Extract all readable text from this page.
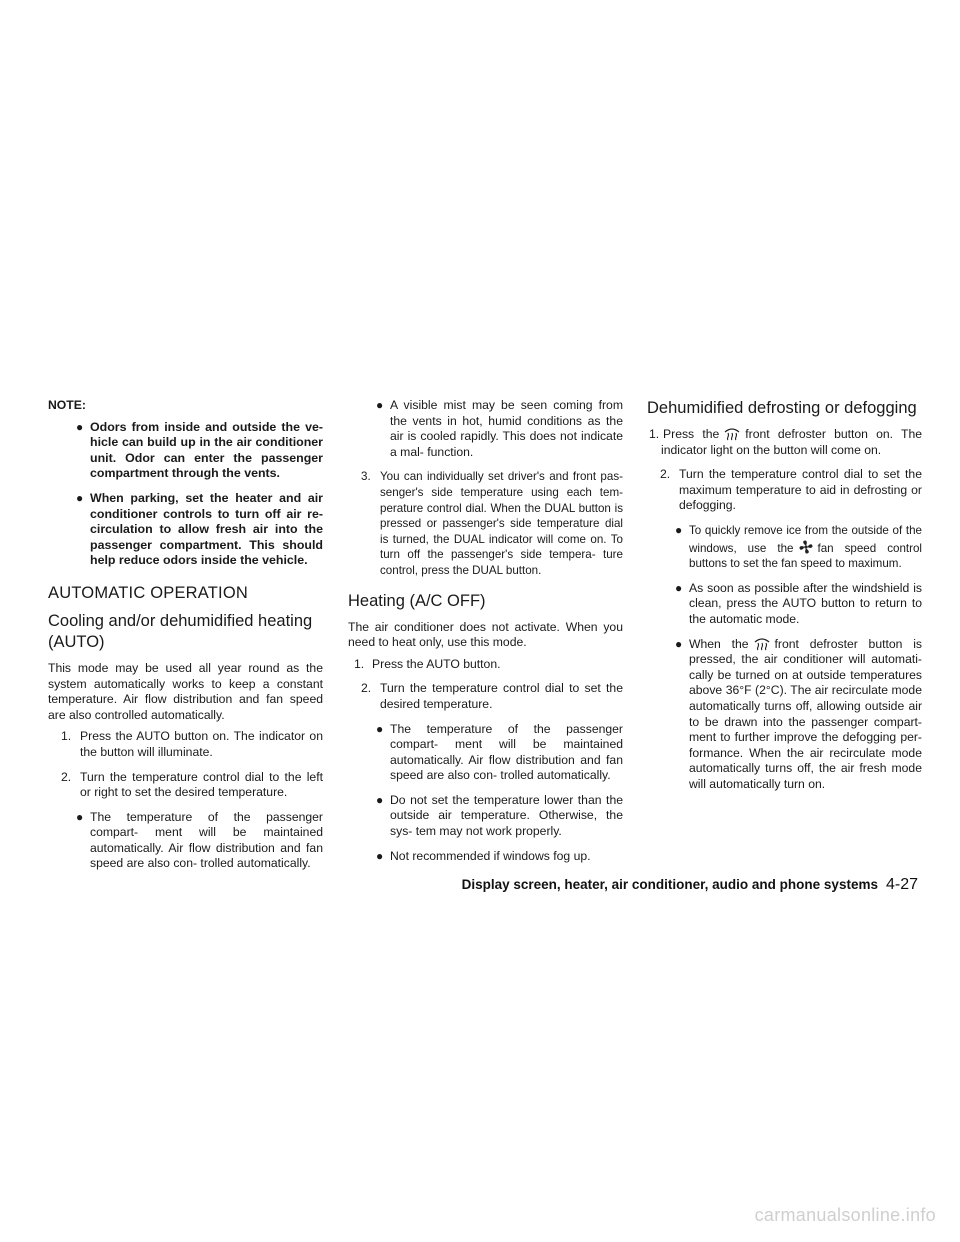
NOTE:
● Odors from inside and outside the ve- hicle can build up in the air conditioner unit. Odor can enter the passenger compartment through the vents.
● When parking, set the heater and air conditioner controls to turn off air re- circulation to allow fresh air into the passenger compartment. This should help reduce odors inside the vehicle.
AUTOMATIC OPERATION
Cooling and/or dehumidified heating (AUTO)
This mode may be used all year round as the system automatically works to keep a constant temperature. Air flow distribution and fan speed are also controlled automatically.
1. Press the AUTO button on. The indicator on the button will illuminate.
2. Turn the temperature control dial to the left or right to set the desired temperature.
● The temperature of the passenger compart- ment will be maintained automatically. Air flow distribution and fan speed are also con- trolled automatically.
● A visible mist may be seen coming from the vents in hot, humid conditions as the air is cooled rapidly. This does not indicate a mal- function.
3. You can individually set driver's and front pas- senger's side temperature using each tem- perature control dial. When the DUAL button is pressed or passenger's side temperature dial is turned, the DUAL indicator will come on. To turn off the passenger's side tempera- ture control, press the DUAL button.
Heating (A/C OFF)
The air conditioner does not activate. When you need to heat only, use this mode.
1. Press the AUTO button.
2. Turn the temperature control dial to set the desired temperature.
● The temperature of the passenger compart- ment will be maintained automatically. Air flow distribution and fan speed are also con- trolled automatically.
● Do not set the temperature lower than the outside air temperature. Otherwise, the sys- tem may not work properly.
● Not recommended if windows fog up.
Dehumidified defrosting or defogging
1. Press the front defroster button on. The indicator light on the button will come on.
2. Turn the temperature control dial to set the maximum temperature to aid in defrosting or defogging.
● To quickly remove ice from the outside of the windows, use the fan speed control buttons to set the fan speed to maximum.
● As soon as possible after the windshield is clean, press the AUTO button to return to the automatic mode.
● When the front defroster button is pressed, the air conditioner will automati- cally be turned on at outside temperatures above 36°F (2°C). The air recirculate mode automatically turns off, allowing outside air to be drawn into the passenger compart- ment to further improve the defogging per- formance. When the air recirculate mode automatically turns off, the air fresh mode will automatically turn on.
Display screen, heater, air conditioner, audio and phone systems 4-27
carmanualsonline.info
